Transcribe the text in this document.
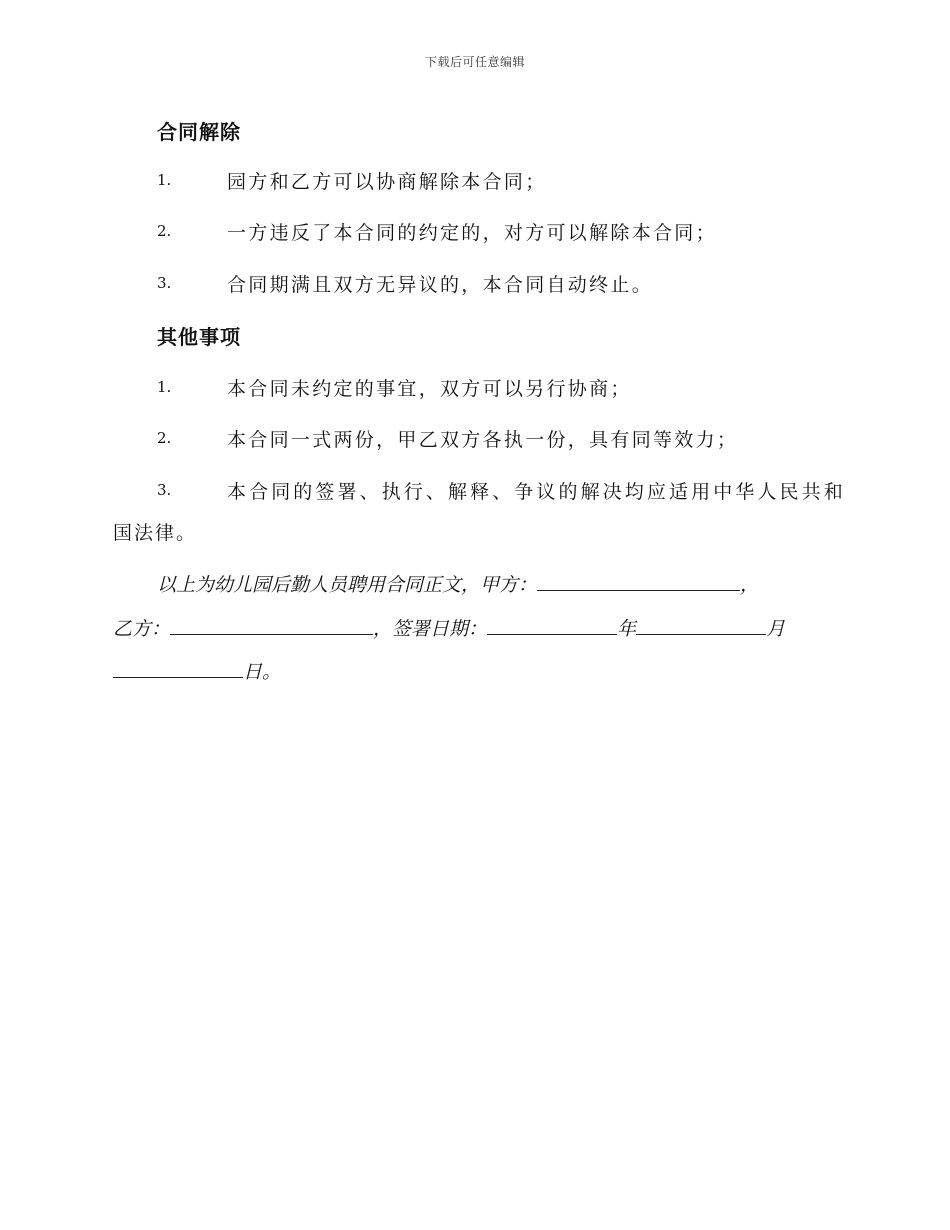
下载后可任意编辑
合同解除
1.	园方和乙方可以协商解除本合同；
2.	一方违反了本合同的约定的，对方可以解除本合同；
3.	合同期满且双方无异议的，本合同自动终止。
其他事项
1.	本合同未约定的事宜，双方可以另行协商；
2.	本合同一式两份，甲乙双方各执一份，具有同等效力；
3.	本合同的签署、执行、解释、争议的解决均应适用中华人民共和
国法律。
以上为幼儿园后勤人员聘用合同正文，甲方：	，
乙方：	，签署日期：	年	月
日。
